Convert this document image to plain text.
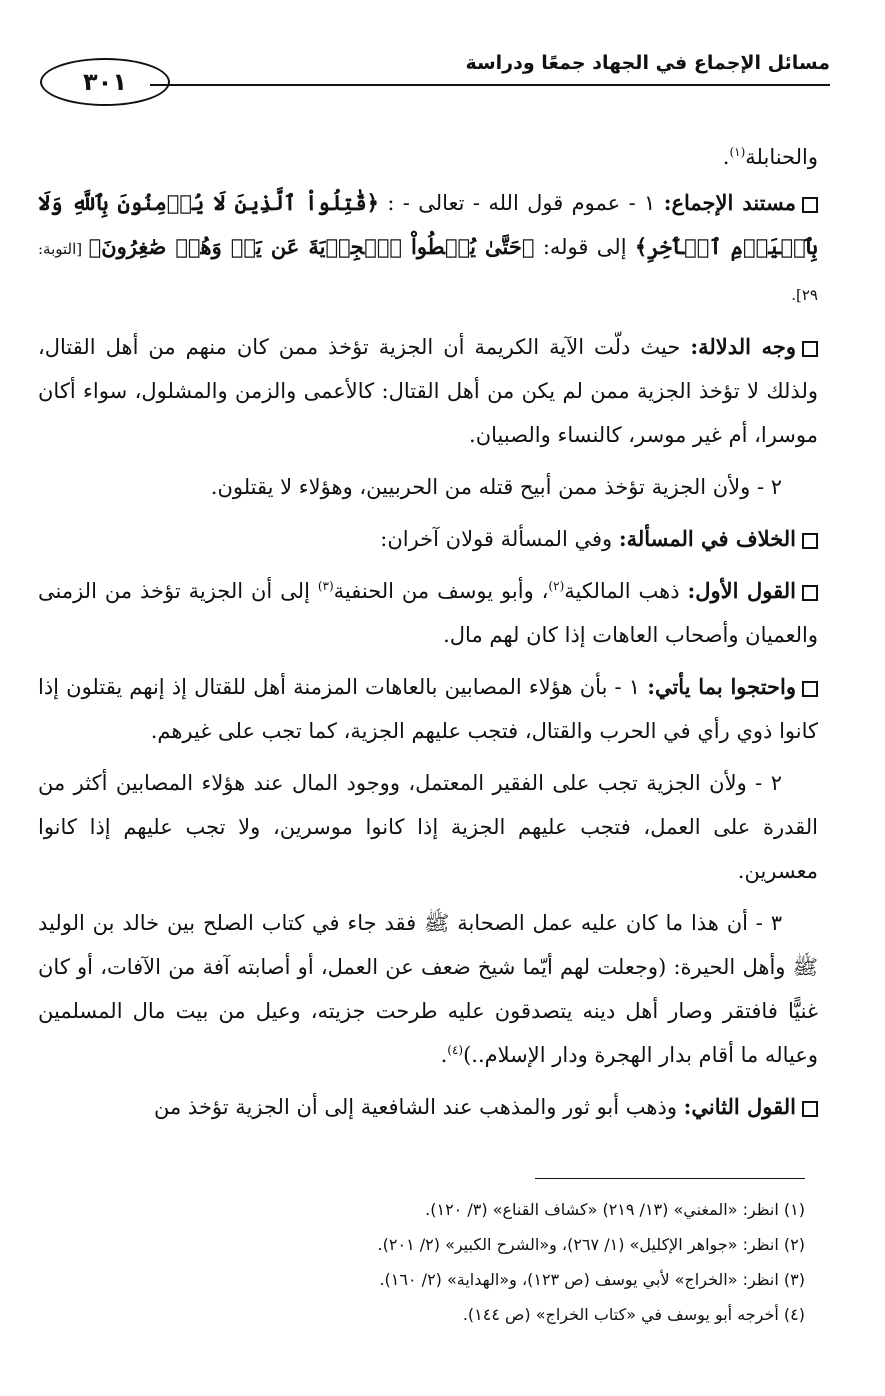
مسائل الإجماع في الجهاد جمعًا ودراسة
٣٠١

والحنابلة$^{(١)}$.

مستند الإجماع: ١ - عموم قول الله - تعالى - : ﴿قَٰتِلُواْ ٱلَّذِينَ لَا يُؤۡمِنُونَ بِٱللَّهِ وَلَا بِٱلۡيَوۡمِ ٱلۡأٓخِرِ﴾ إلى قوله: ﴿حَتَّىٰ يُعۡطُواْ ٱلۡجِزۡيَةَ عَن يَدٖ وَهُمۡ صَٰغِرُونَ﴾ [التوبة: ٢٩].

وجه الدلالة: حيث دلّت الآية الكريمة أن الجزية تؤخذ ممن كان منهم من أهل القتال، ولذلك لا تؤخذ الجزية ممن لم يكن من أهل القتال: كالأعمى والزمن والمشلول، سواء أكان موسرا، أم غير موسر، كالنساء والصبيان.

٢ - ولأن الجزية تؤخذ ممن أبيح قتله من الحربيين، وهؤلاء لا يقتلون.

الخلاف في المسألة: وفي المسألة قولان آخران:

القول الأول: ذهب المالكية$^{(٢)}$، وأبو يوسف من الحنفية$^{(٣)}$ إلى أن الجزية تؤخذ من الزمنى والعميان وأصحاب العاهات إذا كان لهم مال.

واحتجوا بما يأتي: ١ - بأن هؤلاء المصابين بالعاهات المزمنة أهل للقتال إذ إنهم يقتلون إذا كانوا ذوي رأي في الحرب والقتال، فتجب عليهم الجزية، كما تجب على غيرهم.

٢ - ولأن الجزية تجب على الفقير المعتمل، ووجود المال عند هؤلاء المصابين أكثر من القدرة على العمل، فتجب عليهم الجزية إذا كانوا موسرين، ولا تجب عليهم إذا كانوا معسرين.

٣ - أن هذا ما كان عليه عمل الصحابة ﷺ فقد جاء في كتاب الصلح بين خالد بن الوليد ﷺ وأهل الحيرة: (وجعلت لهم أيّما شيخ ضعف عن العمل، أو أصابته آفة من الآفات، أو كان غنيًّا فافتقر وصار أهل دينه يتصدقون عليه طرحت جزيته، وعيل من بيت مال المسلمين وعياله ما أقام بدار الهجرة ودار الإسلام..)$^{(٤)}$.

القول الثاني: وذهب أبو ثور والمذهب عند الشافعية إلى أن الجزية تؤخذ من

(١) انظر: «المغني» (١٣/ ٢١٩) «كشاف القناع» (٣/ ١٢٠).
(٢) انظر: «جواهر الإكليل» (١/ ٢٦٧)، و«الشرح الكبير» (٢/ ٢٠١).
(٣) انظر: «الخراج» لأبي يوسف (ص ١٢٣)، و«الهداية» (٢/ ١٦٠).
(٤) أخرجه أبو يوسف في «كتاب الخراج» (ص ١٤٤).
